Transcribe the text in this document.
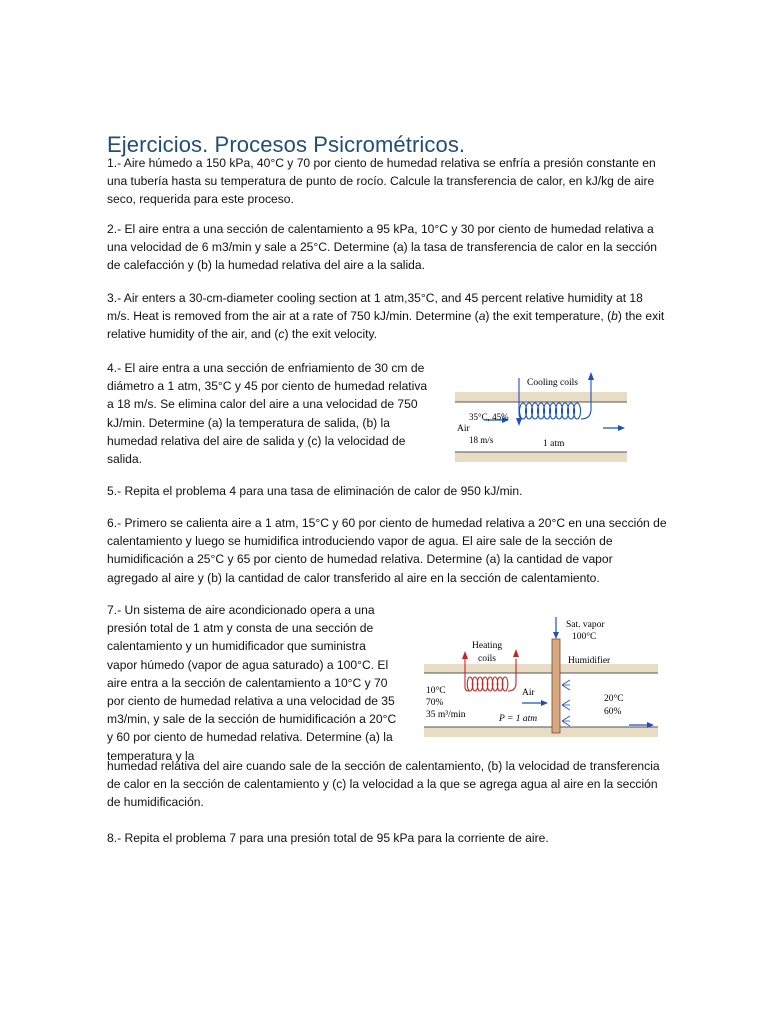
Ejercicios. Procesos Psicrométricos.

1.- Aire húmedo a 150 kPa, 40°C y 70 por ciento de humedad relativa se enfría a presión constante en una tubería hasta su temperatura de punto de rocío. Calcule la transferencia de calor, en kJ/kg de aire seco, requerida para este proceso.

2.- El aire entra a una sección de calentamiento a 95 kPa, 10°C y 30 por ciento de humedad relativa a una velocidad de 6 m3/min y sale a 25°C. Determine (a) la tasa de transferencia de calor en la sección de calefacción y (b) la humedad relativa del aire a la salida.

3.- Air enters a 30-cm-diameter cooling section at 1 atm,35°C, and 45 percent relative humidity at 18 m/s. Heat is removed from the air at a rate of 750 kJ/min. Determine (a) the exit temperature, (b) the exit relative humidity of the air, and (c) the exit velocity.

4.- El aire entra a una sección de enfriamiento de 30 cm de diámetro a 1 atm, 35°C y 45 por ciento de humedad relativa a 18 m/s. Se elimina calor del aire a una velocidad de 750 kJ/min. Determine (a) la temperatura de salida, (b) la humedad relativa del aire de salida y (c) la velocidad de salida.

Cooling coils
35°C, 45%
Air
18 m/s	1 atm

5.- Repita el problema 4 para una tasa de eliminación de calor de 950 kJ/min.

6.- Primero se calienta aire a 1 atm, 15°C y 60 por ciento de humedad relativa a 20°C en una sección de calentamiento y luego se humidifica introduciendo vapor de agua. El aire sale de la sección de humidificación a 25°C y 65 por ciento de humedad relativa. Determine (a) la cantidad de vapor agregado al aire y (b) la cantidad de calor transferido al aire en la sección de calentamiento.

7.- Un sistema de aire acondicionado opera a una presión total de 1 atm y consta de una sección de calentamiento y un humidificador que suministra vapor húmedo (vapor de agua saturado) a 100°C. El aire entra a la sección de calentamiento a 10°C y 70 por ciento de humedad relativa a una velocidad de 35 m3/min, y sale de la sección de humidificación a 20°C y 60 por ciento de humedad relativa. Determine (a) la temperatura y la

Sat. vapor
100°C
Heating
coils	Humidifier
10°C
70%
35 m³/min
Air
P = 1 atm
20°C
60%

humedad relativa del aire cuando sale de la sección de calentamiento, (b) la velocidad de transferencia de calor en la sección de calentamiento y (c) la velocidad a la que se agrega agua al aire en la sección de humidificación.

8.- Repita el problema 7 para una presión total de 95 kPa para la corriente de aire.
